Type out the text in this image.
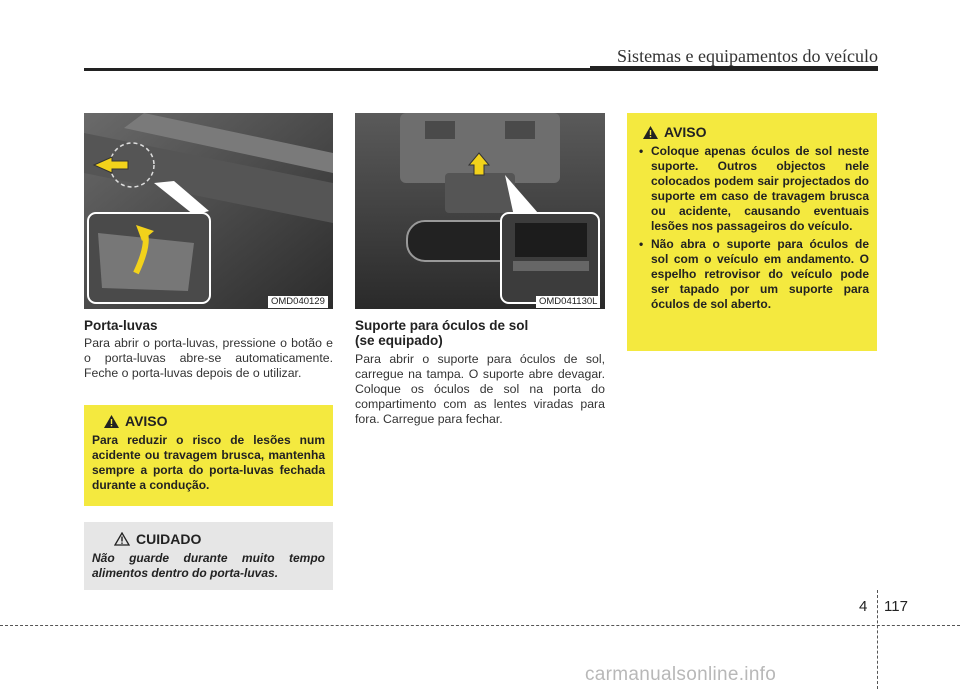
Sistemas e equipamentos do veículo
OMD040129
Porta-luvas
Para abrir o porta-luvas, pressione o botão e o porta-luvas abre-se automaticamente. Feche o porta-luvas depois de o utilizar.
AVISO
Para reduzir o risco de lesões num acidente ou travagem brusca, mantenha sempre a porta do porta-luvas fechada durante a condução.
CUIDADO
Não guarde durante muito tempo alimentos dentro do porta-luvas.
OMD041130L
Suporte para óculos de sol
(se equipado)
Para abrir o suporte para óculos de sol, carregue na tampa. O suporte abre devagar. Coloque os óculos de sol na porta do compartimento com as lentes viradas para fora. Carregue para fechar.
AVISO
• Coloque apenas óculos de sol neste suporte. Outros objectos nele colocados podem sair projectados do suporte em caso de travagem brusca ou acidente, causando eventuais lesões nos passageiros do veículo.
• Não abra o suporte para óculos de sol com o veículo em andamento. O espelho retrovisor do veículo pode ser tapado por um suporte para óculos de sol aberto.
4 117
carmanualsonline.info
